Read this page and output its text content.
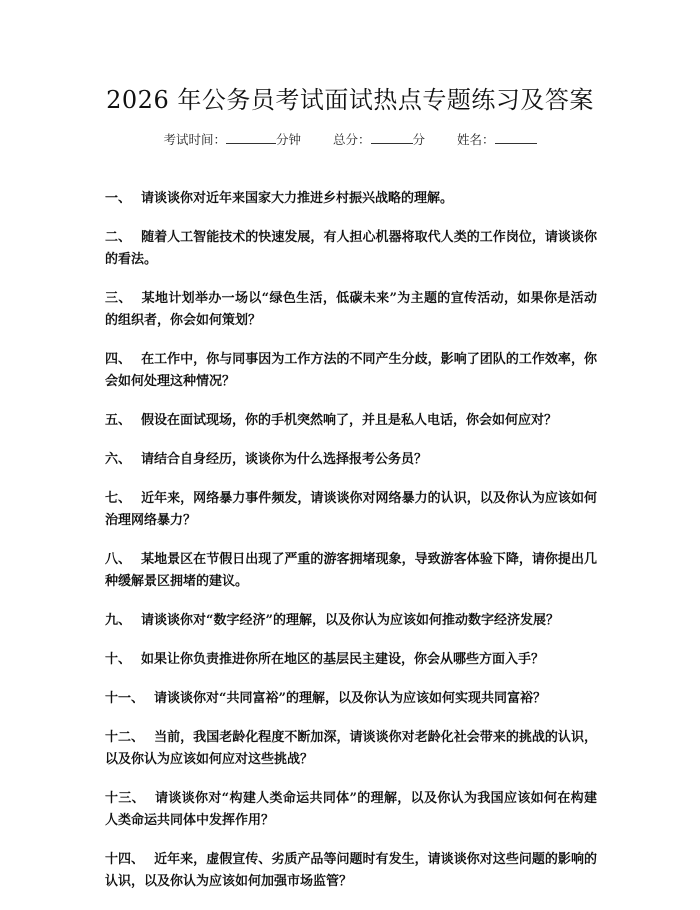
2026 年公务员考试面试热点专题练习及答案
考试时间：	分钟	总分：	分	姓名：
一、 请谈谈你对近年来国家大力推进乡村振兴战略的理解。
二、 随着人工智能技术的快速发展，有人担心机器将取代人类的工作岗位，请谈谈你的看法。
三、 某地计划举办一场以“绿色生活，低碳未来”为主题的宣传活动，如果你是活动的组织者，你会如何策划？
四、 在工作中，你与同事因为工作方法的不同产生分歧，影响了团队的工作效率，你会如何处理这种情况？
五、 假设在面试现场，你的手机突然响了，并且是私人电话，你会如何应对？
六、 请结合自身经历，谈谈你为什么选择报考公务员？
七、 近年来，网络暴力事件频发，请谈谈你对网络暴力的认识，以及你认为应该如何治理网络暴力？
八、 某地景区在节假日出现了严重的游客拥堵现象，导致游客体验下降，请你提出几种缓解景区拥堵的建议。
九、 请谈谈你对“数字经济”的理解，以及你认为应该如何推动数字经济发展？
十、 如果让你负责推进你所在地区的基层民主建设，你会从哪些方面入手？
十一、 请谈谈你对“共同富裕”的理解，以及你认为应该如何实现共同富裕？
十二、 当前，我国老龄化程度不断加深，请谈谈你对老龄化社会带来的挑战的认识，以及你认为应该如何应对这些挑战？
十三、 请谈谈你对“构建人类命运共同体”的理解，以及你认为我国应该如何在构建人类命运共同体中发挥作用？
十四、 近年来，虚假宣传、劣质产品等问题时有发生，请谈谈你对这些问题的影响的认识，以及你认为应该如何加强市场监管？
